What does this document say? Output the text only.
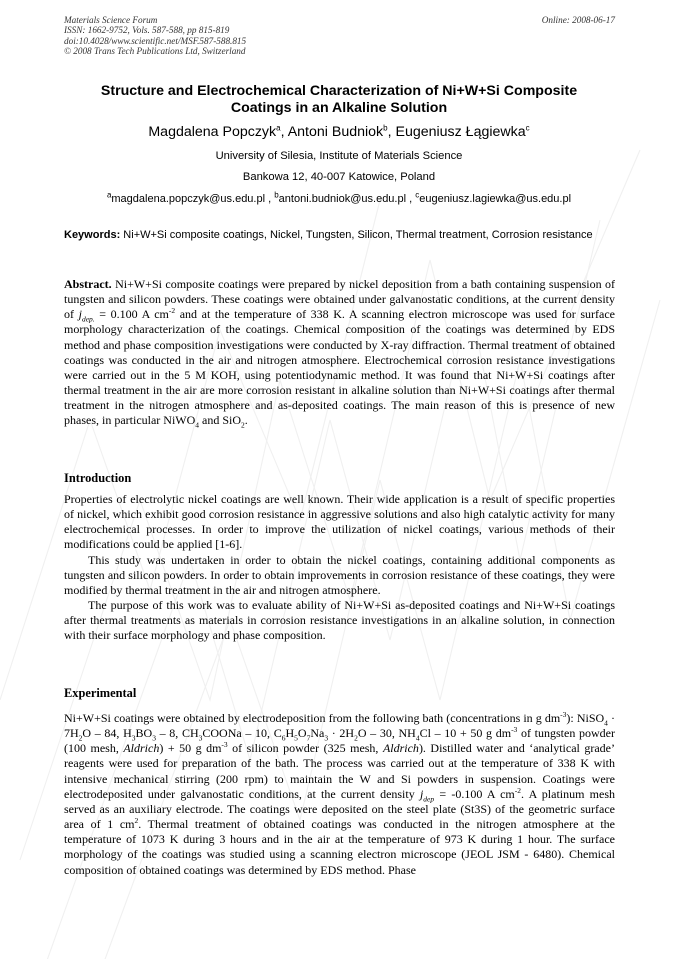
Materials Science Forum
ISSN: 1662-9752, Vols. 587-588, pp 815-819
doi:10.4028/www.scientific.net/MSF.587-588.815
© 2008 Trans Tech Publications Ltd, Switzerland
Online: 2008-06-17
Structure and Electrochemical Characterization of Ni+W+Si Composite
Coatings in an Alkaline Solution
Magdalena Popczyk$^a$, Antoni Budniok$^b$, Eugeniusz Łągiewka$^c$
University of Silesia, Institute of Materials Science
Bankowa 12, 40-007 Katowice, Poland
$^a$magdalena.popczyk@us.edu.pl , $^b$antoni.budniok@us.edu.pl , $^c$eugeniusz.lagiewka@us.edu.pl
Keywords: Ni+W+Si composite coatings, Nickel, Tungsten, Silicon, Thermal treatment, Corrosion resistance
Abstract. Ni+W+Si composite coatings were prepared by nickel deposition from a bath containing suspension of tungsten and silicon powders. These coatings were obtained under galvanostatic conditions, at the current density of $j_{dep.} = 0.100$ A $cm^{-2}$ and at the temperature of 338 K. A scanning electron microscope was used for surface morphology characterization of the coatings. Chemical composition of the coatings was determined by EDS method and phase composition investigations were conducted by X-ray diffraction. Thermal treatment of obtained coatings was conducted in the air and nitrogen atmosphere. Electrochemical corrosion resistance investigations were carried out in the 5 M KOH, using potentiodynamic method. It was found that Ni+W+Si coatings after thermal treatment in the air are more corrosion resistant in alkaline solution than Ni+W+Si coatings after thermal treatment in the nitrogen atmosphere and as-deposited coatings. The main reason of this is presence of new phases, in particular NiWO$_4$ and SiO$_2$.
Introduction

Properties of electrolytic nickel coatings are well known. Their wide application is a result of specific properties of nickel, which exhibit good corrosion resistance in aggressive solutions and also high catalytic activity for many electrochemical processes. In order to improve the utilization of nickel coatings, various methods of their modifications could be applied [1-6].

This study was undertaken in order to obtain the nickel coatings, containing additional components as tungsten and silicon powders. In order to obtain improvements in corrosion resistance of these coatings, they were modified by thermal treatment in the air and nitrogen atmosphere.

The purpose of this work was to evaluate ability of Ni+W+Si as-deposited coatings and Ni+W+Si coatings after thermal treatments as materials in corrosion resistance investigations in an alkaline solution, in connection with their surface morphology and phase composition.

Experimental
Ni+W+Si coatings were obtained by electrodeposition from the following bath (concentrations in g $dm^{-3}$): NiSO$_4$ · $7H_2O - 84$, $H_3BO_3 - 8$, $CH_3COONa - 10$, $C_6H_5O_7Na_3 \cdot 2H_2O - 30$, $NH_4Cl - 10 + 50$ g $dm^{-3}$ of tungsten powder (100 mesh, Aldrich) + 50 g $dm^{-3}$ of silicon powder (325 mesh, Aldrich). Distilled water and ‘analytical grade’ reagents were used for preparation of the bath. The process was carried out at the temperature of 338 K with intensive mechanical stirring (200 rpm) to maintain the W and Si powders in suspension. Coatings were electrodeposited under galvanostatic conditions, at the current density $j_{dep} = -0.100$ A $cm^{-2}$. A platinum mesh served as an auxiliary electrode. The coatings were deposited on the steel plate (St3S) of the geometric surface area of 1 $cm^2$. Thermal treatment of obtained coatings was conducted in the nitrogen atmosphere at the temperature of 1073 K during 3 hours and in the air at the temperature of 973 K during 1 hour. The surface morphology of the coatings was studied using a scanning electron microscope (JEOL JSM - 6480). Chemical composition of obtained coatings was determined by EDS method. Phase
